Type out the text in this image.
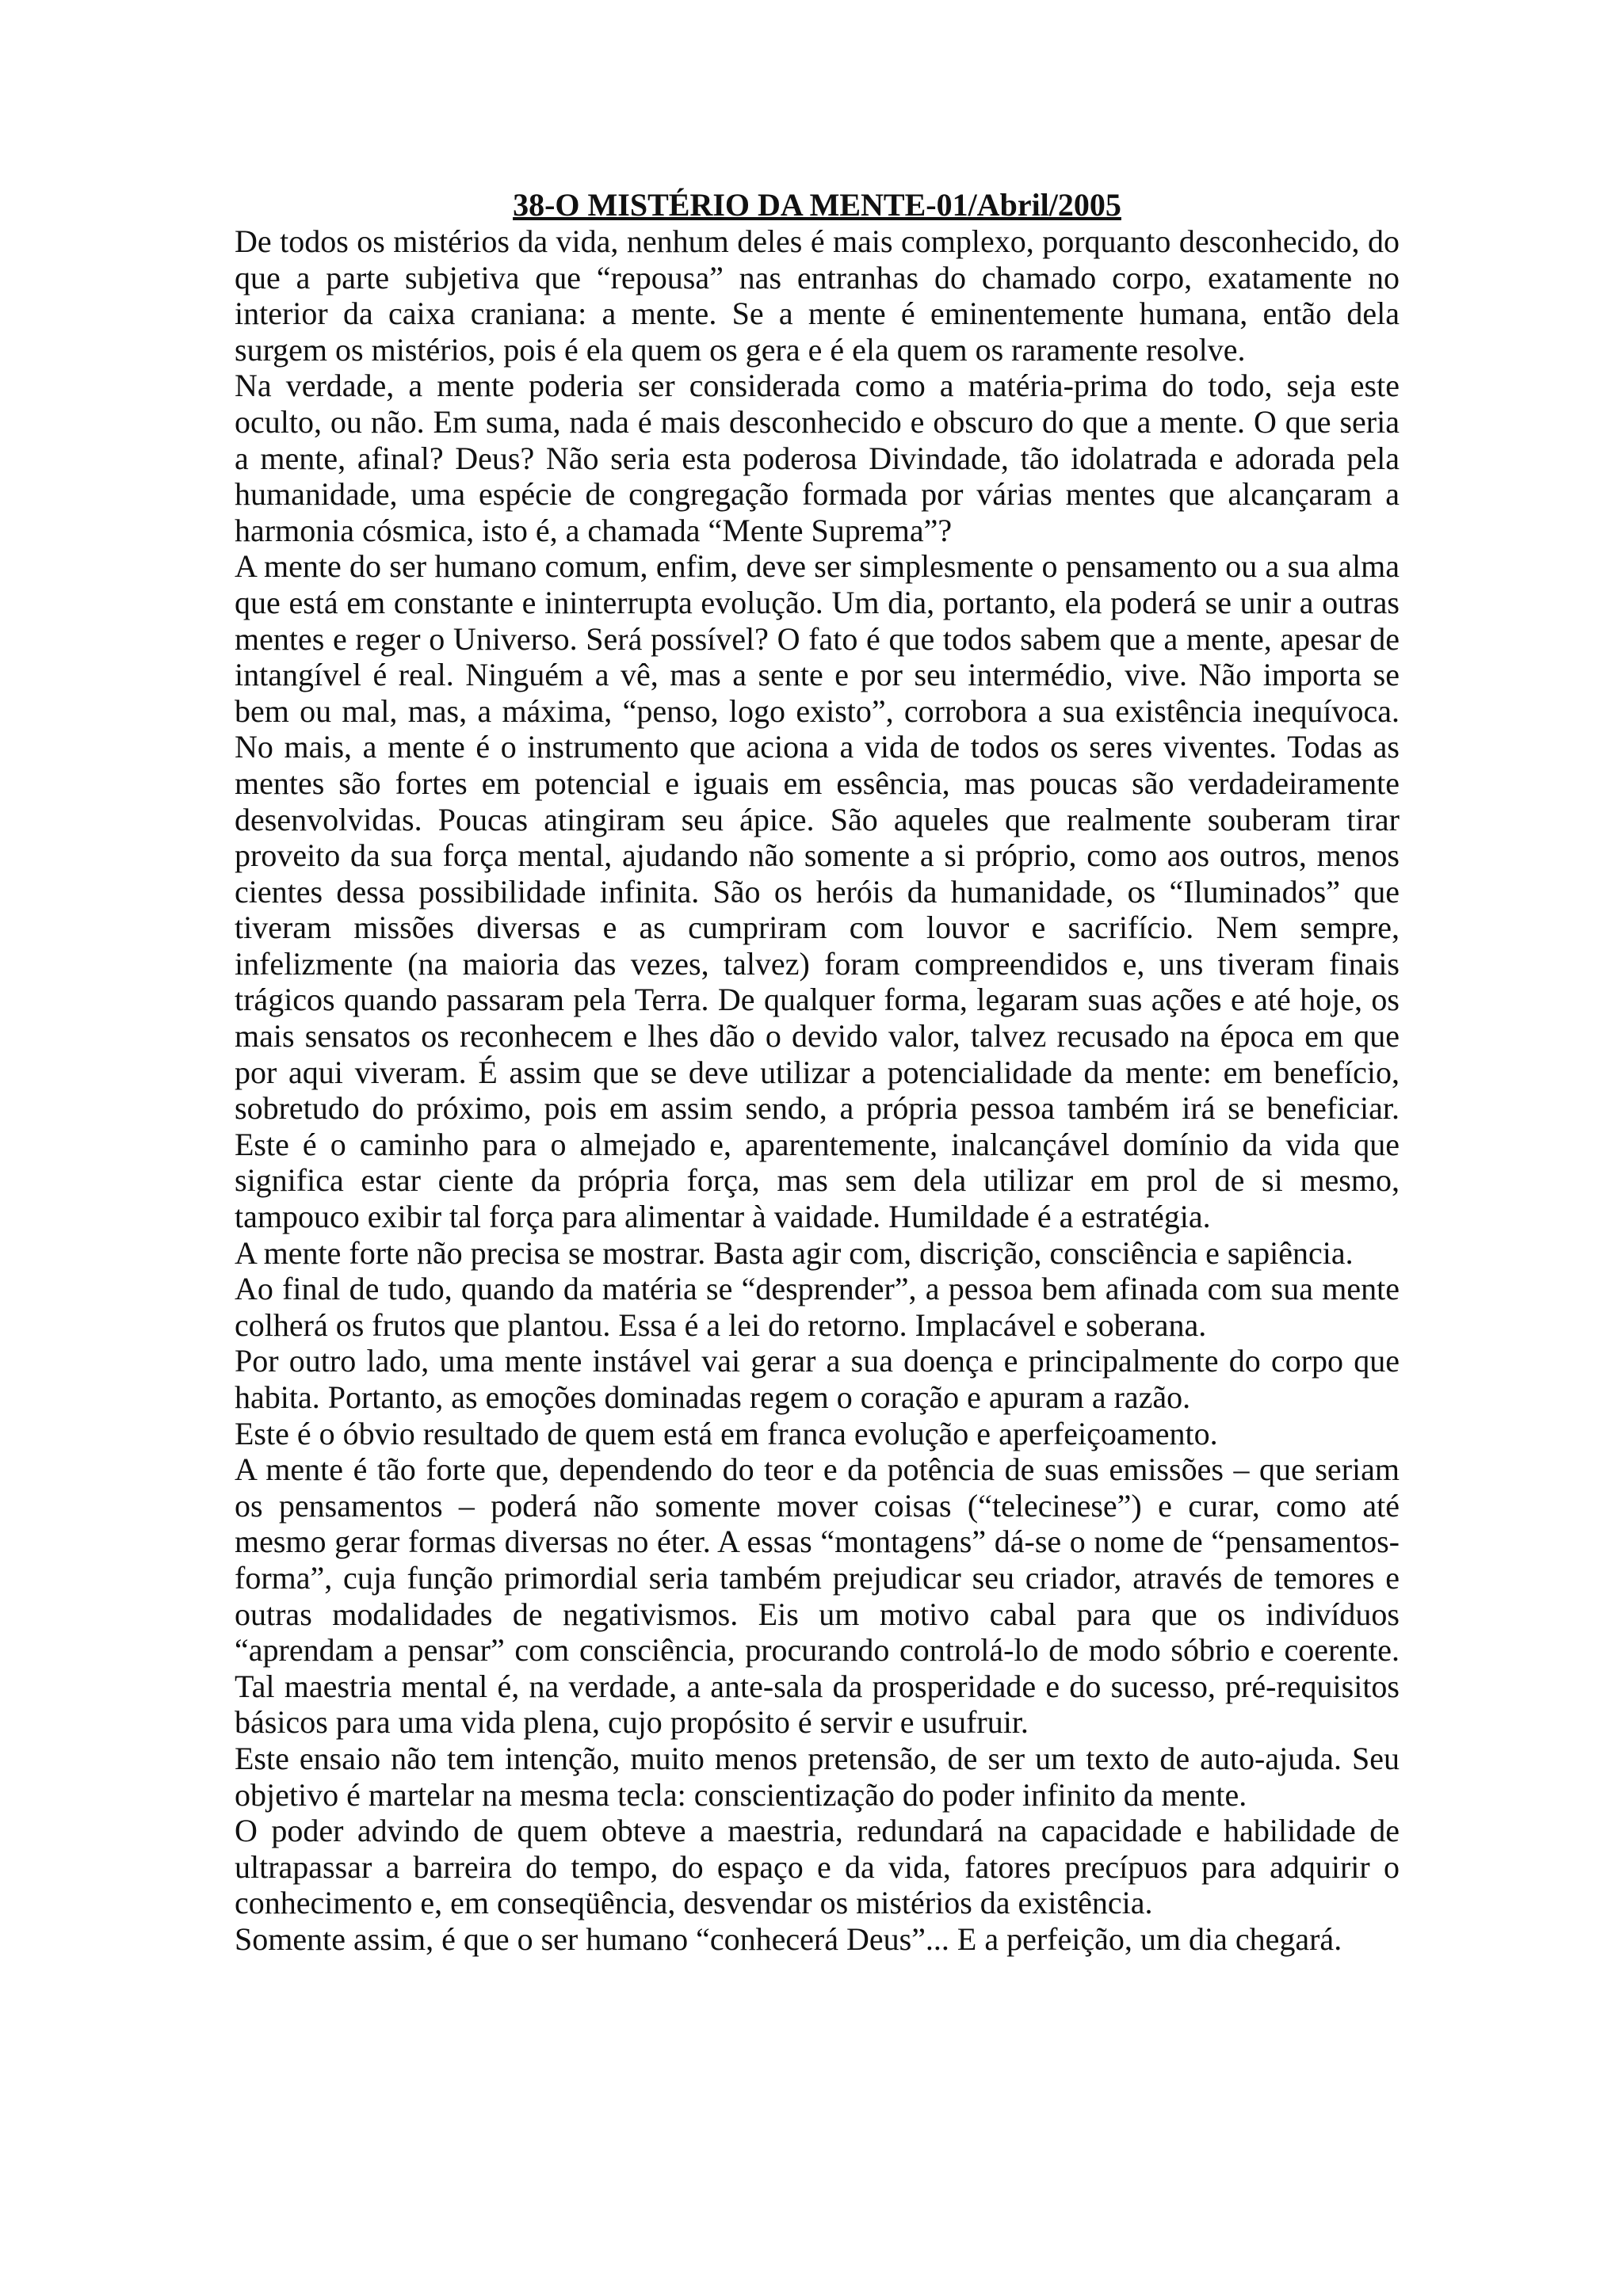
38-O MISTÉRIO DA MENTE-01/Abril/2005

De todos os mistérios da vida, nenhum deles é mais complexo, porquanto desconhecido, do que a parte subjetiva que “repousa” nas entranhas do chamado corpo, exatamente no interior da caixa craniana: a mente. Se a mente é eminentemente humana, então dela surgem os mistérios, pois é ela quem os gera e é ela quem os raramente resolve.

Na verdade, a mente poderia ser considerada como a matéria-prima do todo, seja este oculto, ou não. Em suma, nada é mais desconhecido e obscuro do que a mente. O que seria a mente, afinal? Deus? Não seria esta poderosa Divindade, tão idolatrada e adorada pela humanidade, uma espécie de congregação formada por várias mentes que alcançaram a harmonia cósmica, isto é, a chamada “Mente Suprema”?

A mente do ser humano comum, enfim, deve ser simplesmente o pensamento ou a sua alma que está em constante e ininterrupta evolução. Um dia, portanto, ela poderá se unir a outras mentes e reger o Universo. Será possível? O fato é que todos sabem que a mente, apesar de intangível é real. Ninguém a vê, mas a sente e por seu intermédio, vive. Não importa se bem ou mal, mas, a máxima, “penso, logo existo”, corrobora a sua existência inequívoca. No mais, a mente é o instrumento que aciona a vida de todos os seres viventes. Todas as mentes são fortes em potencial e iguais em essência, mas poucas são verdadeiramente desenvolvidas. Poucas atingiram seu ápice. São aqueles que realmente souberam tirar proveito da sua força mental, ajudando não somente a si próprio, como aos outros, menos cientes dessa possibilidade infinita. São os heróis da humanidade, os “Iluminados” que tiveram missões diversas e as cumpriram com louvor e sacrifício. Nem sempre, infelizmente (na maioria das vezes, talvez) foram compreendidos e, uns tiveram finais trágicos quando passaram pela Terra. De qualquer forma, legaram suas ações e até hoje, os mais sensatos os reconhecem e lhes dão o devido valor, talvez recusado na época em que por aqui viveram. É assim que se deve utilizar a potencialidade da mente: em benefício, sobretudo do próximo, pois em assim sendo, a própria pessoa também irá se beneficiar. Este é o caminho para o almejado e, aparentemente, inalcançável domínio da vida que significa estar ciente da própria força, mas sem dela utilizar em prol de si mesmo, tampouco exibir tal força para alimentar à vaidade. Humildade é a estratégia.

A mente forte não precisa se mostrar. Basta agir com, discrição, consciência e sapiência.

Ao final de tudo, quando da matéria se “desprender”, a pessoa bem afinada com sua mente colherá os frutos que plantou. Essa é a lei do retorno. Implacável e soberana.

Por outro lado, uma mente instável vai gerar a sua doença e principalmente do corpo que habita. Portanto, as emoções dominadas regem o coração e apuram a razão.

Este é o óbvio resultado de quem está em franca evolução e aperfeiçoamento.

A mente é tão forte que, dependendo do teor e da potência de suas emissões – que seriam os pensamentos – poderá não somente mover coisas (“telecinese”) e curar, como até mesmo gerar formas diversas no éter. A essas “montagens” dá-se o nome de “pensamentos-forma”, cuja função primordial seria também prejudicar seu criador, através de temores e outras modalidades de negativismos. Eis um motivo cabal para que os indivíduos “aprendam a pensar” com consciência, procurando controlá-lo de modo sóbrio e coerente. Tal maestria mental é, na verdade, a ante-sala da prosperidade e do sucesso, pré-requisitos básicos para uma vida plena, cujo propósito é servir e usufruir.

Este ensaio não tem intenção, muito menos pretensão, de ser um texto de auto-ajuda. Seu objetivo é martelar na mesma tecla: conscientização do poder infinito da mente.

O poder advindo de quem obteve a maestria, redundará na capacidade e habilidade de ultrapassar a barreira do tempo, do espaço e da vida, fatores precípuos para adquirir o conhecimento e, em conseqüência, desvendar os mistérios da existência.

Somente assim, é que o ser humano “conhecerá Deus”... E a perfeição, um dia chegará.
